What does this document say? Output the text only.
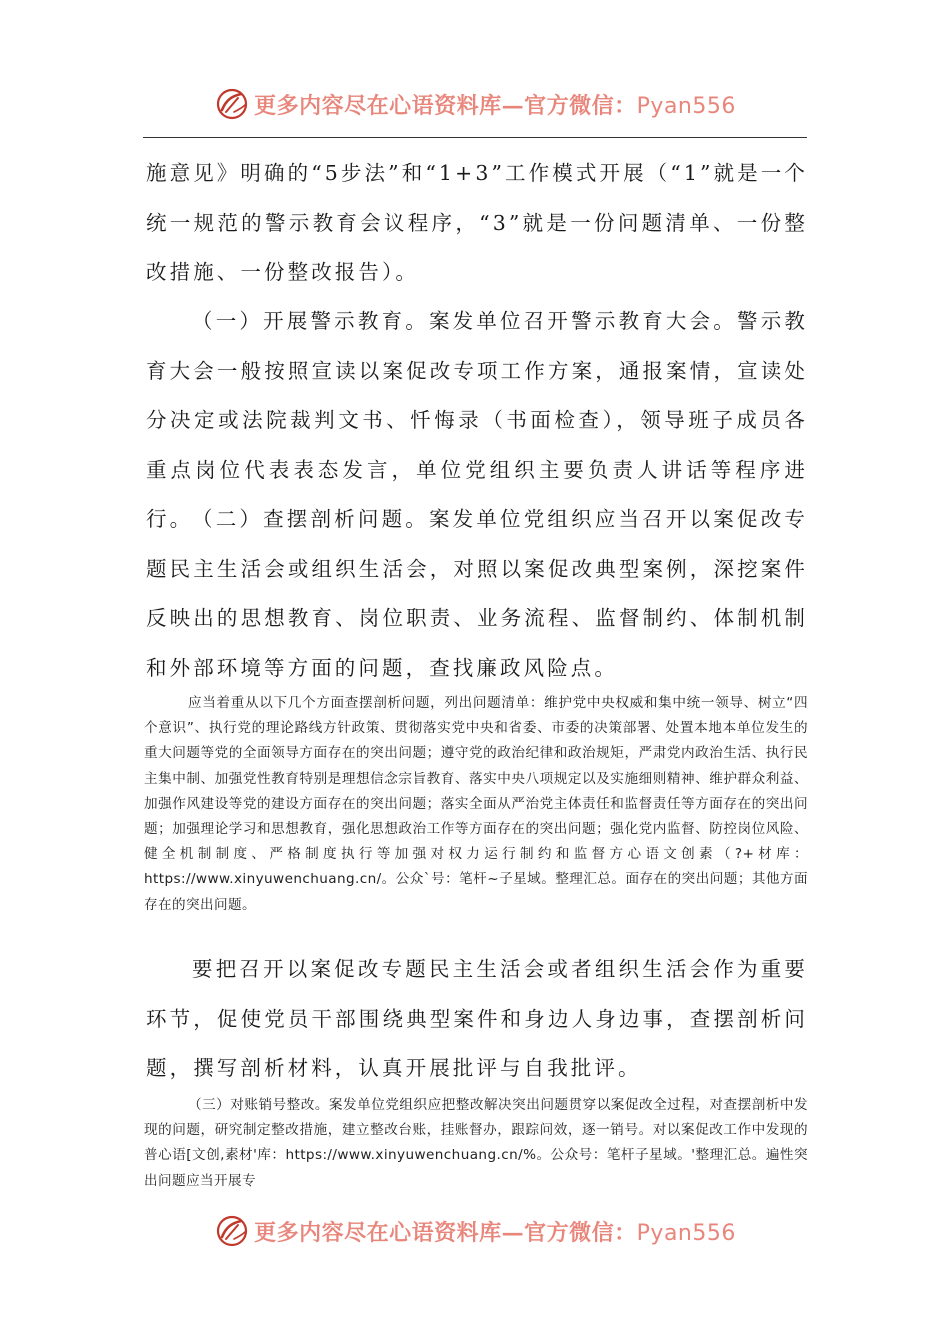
更多内容尽在心语资料库—官方微信：Pyan556

施意见》明确的“5步法”和“1+3”工作模式开展（“1”就是一个统一规范的警示教育会议程序，“3”就是一份问题清单、一份整改措施、一份整改报告）。

（一）开展警示教育。案发单位召开警示教育大会。警示教育大会一般按照宣读以案促改专项工作方案，通报案情，宣读处分决定或法院裁判文书、忏悔录（书面检查），领导班子成员各重点岗位代表表态发言，单位党组织主要负责人讲话等程序进行。

（二）查摆剖析问题。案发单位党组织应当召开以案促改专题民主生活会或组织生活会，对照以案促改典型案例，深挖案件反映出的思想教育、岗位职责、业务流程、监督制约、体制机制和外部环境等方面的问题，查找廉政风险点。

应当着重从以下几个方面查摆剖析问题，列出问题清单：维护党中央权威和集中统一领导、树立“四个意识”、执行党的理论路线方针政策、贯彻落实党中央和省委、市委的决策部署、处置本地本单位发生的重大问题等党的全面领导方面存在的突出问题；遵守党的政治纪律和政治规矩，严肃党内政治生活、执行民主集中制、加强党性教育特别是理想信念宗旨教育、落实中央八项规定以及实施细则精神、维护群众利益、加强作风建设等党的建设方面存在的突出问题；落实全面从严治党主体责任和监督责任等方面存在的突出问题；加强理论学习和思想教育，强化思想政治工作等方面存在的突出问题；强化党内监督、防控岗位风险、健全机制制度、严格制度执行等加强对权力运行制约和监督方心语文创素（?+材库：https://www.xinyuwenchuang.cn/。公众`号：笔杆~子星域。整理汇总。面存在的突出问题；其他方面存在的突出问题。

要把召开以案促改专题民主生活会或者组织生活会作为重要环节，促使党员干部围绕典型案件和身边人身边事，查摆剖析问题，撰写剖析材料，认真开展批评与自我批评。

（三）对账销号整改。案发单位党组织应把整改解决突出问题贯穿以案促改全过程，对查摆剖析中发现的问题，研究制定整改措施，建立整改台账，挂账督办，跟踪问效，逐一销号。对以案促改工作中发现的普心语[文创,素材'库：https://www.xinyuwenchuang.cn/%。公众号：笔杆子星域。'整理汇总。遍性突出问题应当开展专

更多内容尽在心语资料库—官方微信：Pyan556
